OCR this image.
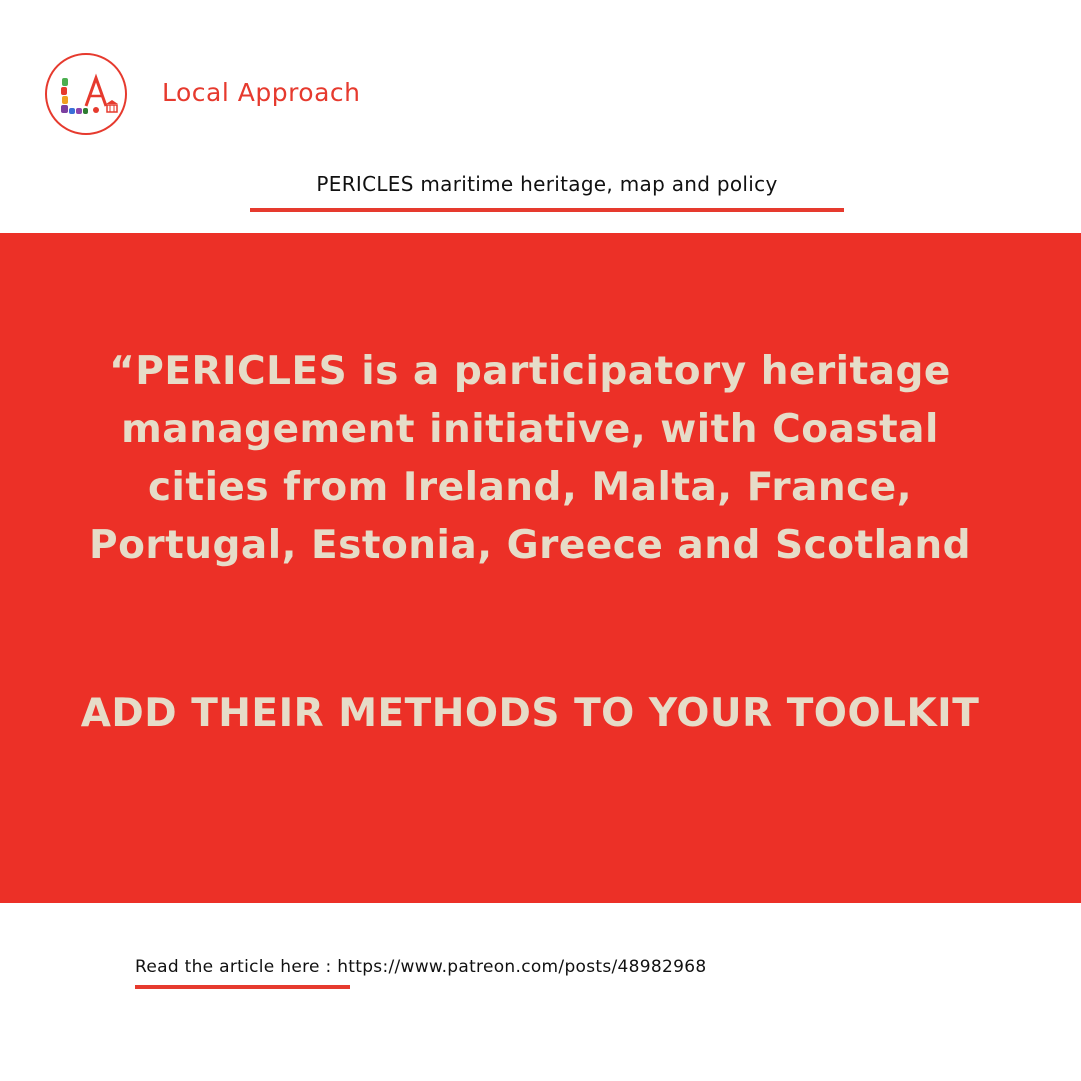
Local Approach
PERICLES maritime heritage, map and policy
“PERICLES is a participatory heritage management initiative, with Coastal cities from Ireland, Malta, France, Portugal, Estonia, Greece and Scotland
ADD THEIR METHODS TO YOUR TOOLKIT
Read the article here : https://www.patreon.com/posts/48982968
